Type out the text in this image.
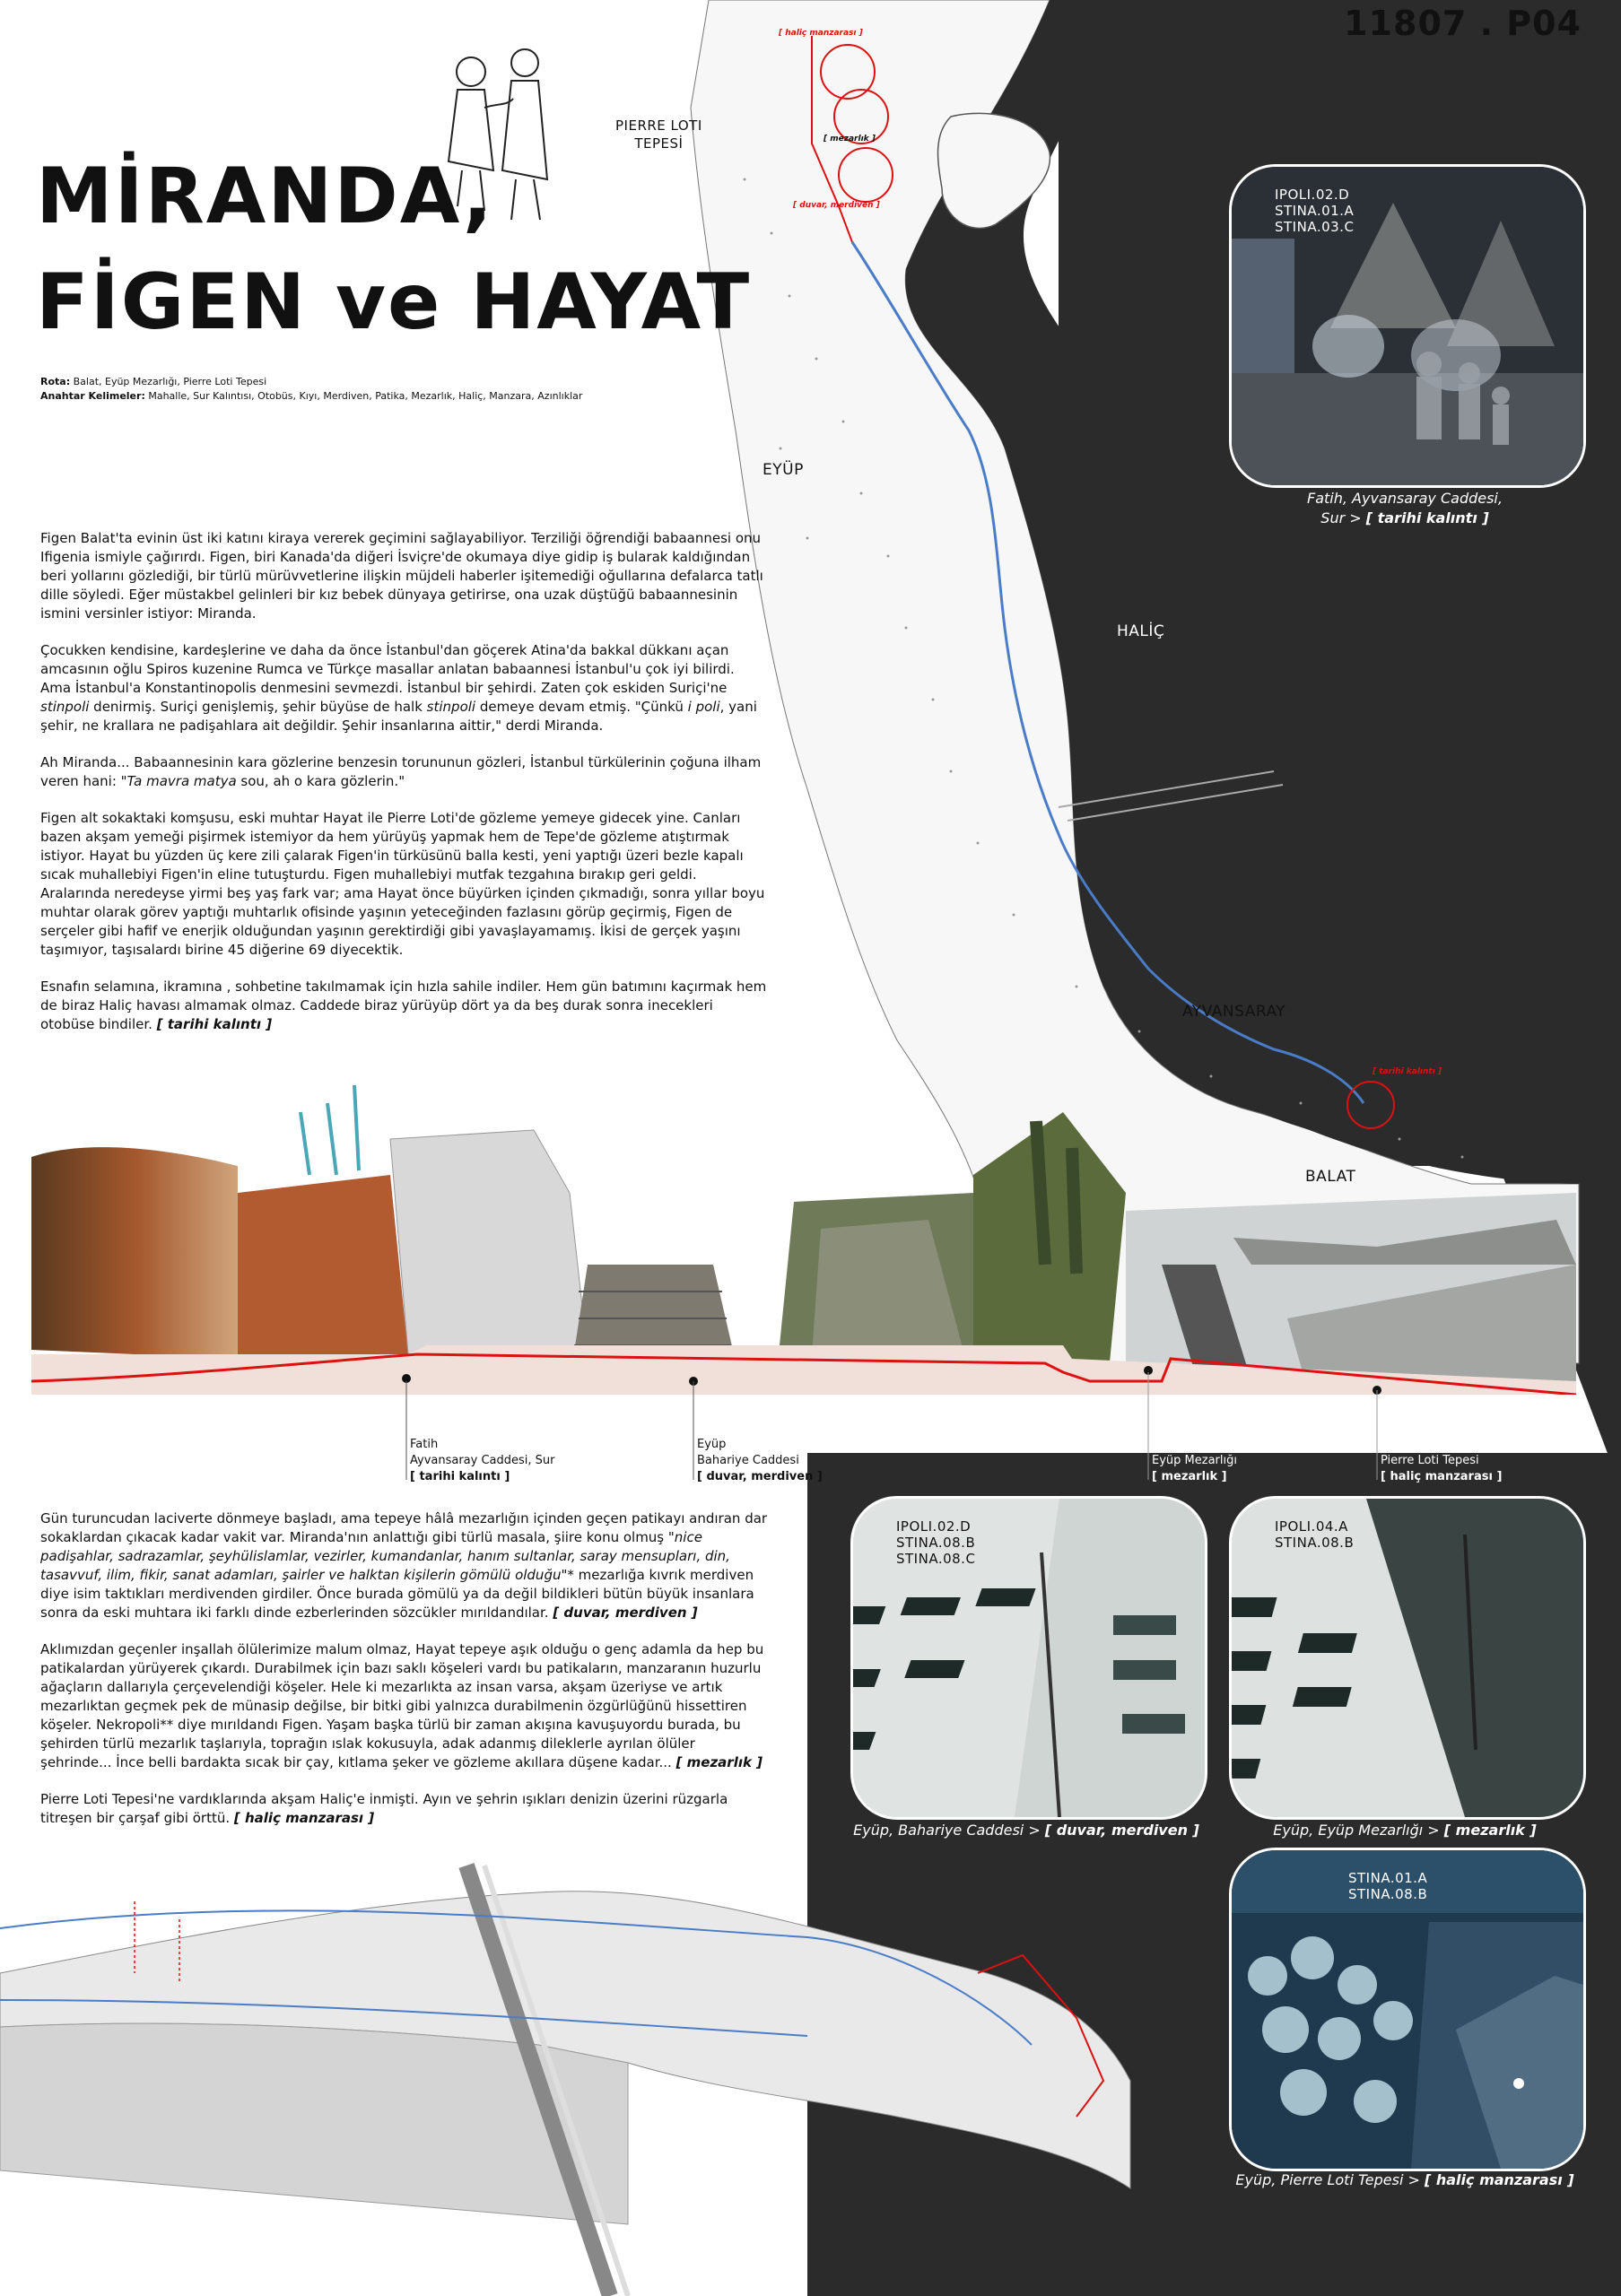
11807 . P04
MİRANDA,
FİGEN ve HAYAT
Rota: Balat, Eyüp Mezarlığı, Pierre Loti Tepesi
Anahtar Kelimeler: Mahalle, Sur Kalıntısı, Otobüs, Kıyı, Merdiven, Patika, Mezarlık, Haliç, Manzara, Azınlıklar
PIERRE LOTI
TEPESİ
EYÜP
HALİÇ
AYVANSARAY
BALAT
[ haliç manzarası ]
[ mezarlık ]
[ duvar, merdiven ]
[ tarihi kalıntı ]
IPOLI.02.D
STINA.01.A
STINA.03.C
Fatih, Ayvansaray Caddesi,
Sur > [ tarihi kalıntı ]

Figen Balat'ta evinin üst iki katını kiraya vererek geçimini sağlayabiliyor. Terziliği öğrendiği babaannesi onu Ifigenia ismiyle çağırırdı. Figen, biri Kanada'da diğeri İsviçre'de okumaya diye gidip iş bularak kaldığından beri yollarını gözlediği, bir türlü mürüvvetlerine ilişkin müjdeli haberler işitemediği oğullarına defalarca tatlı dille söyledi. Eğer müstakbel gelinleri bir kız bebek dünyaya getirirse, ona uzak düştüğü babaannesinin ismini versinler istiyor: Miranda.

Çocukken kendisine, kardeşlerine ve daha da önce İstanbul'dan göçerek Atina'da bakkal dükkanı açan amcasının oğlu Spiros kuzenine Rumca ve Türkçe masallar anlatan babaannesi İstanbul'u çok iyi bilirdi. Ama İstanbul'a Konstantinopolis denmesini sevmezdi. İstanbul bir şehirdi. Zaten çok eskiden Suriçi'ne stinpoli denirmiş. Suriçi genişlemiş, şehir büyüse de halk stinpoli demeye devam etmiş. "Çünkü i poli, yani şehir, ne krallara ne padişahlara ait değildir. Şehir insanlarına aittir," derdi Miranda.

Ah Miranda... Babaannesinin kara gözlerine benzesin torununun gözleri, İstanbul türkülerinin çoğuna ilham veren hani: "Ta mavra matya sou, ah o kara gözlerin."

Figen alt sokaktaki komşusu, eski muhtar Hayat ile Pierre Loti'de gözleme yemeye gidecek yine. Canları bazen akşam yemeği pişirmek istemiyor da hem yürüyüş yapmak hem de Tepe'de gözleme atıştırmak istiyor. Hayat bu yüzden üç kere zili çalarak Figen'in türküsünü balla kesti, yeni yaptığı üzeri bezle kapalı sıcak muhallebiyi Figen'in eline tutuşturdu. Figen muhallebiyi mutfak tezgahına bırakıp geri geldi. Aralarında neredeyse yirmi beş yaş fark var; ama Hayat önce büyürken içinden çıkmadığı, sonra yıllar boyu muhtar olarak görev yaptığı muhtarlık ofisinde yaşının yeteceğinden fazlasını görüp geçirmiş, Figen de serçeler gibi hafif ve enerjik olduğundan yaşının gerektirdiği gibi yavaşlayamamış. İkisi de gerçek yaşını taşımıyor, taşısalardı birine 45 diğerine 69 diyecektik.

Esnafın selamına, ikramına , sohbetine takılmamak için hızla sahile indiler. Hem gün batımını kaçırmak hem de biraz Haliç havası almamak olmaz. Caddede biraz yürüyüp dört ya da beş durak sonra inecekleri otobüse bindiler. [ tarihi kalıntı ]

Fatih
Ayvansaray Caddesi, Sur
[ tarihi kalıntı ]
Eyüp
Bahariye Caddesi
[ duvar, merdiven ]
Eyüp
Eyüp Mezarlığı
[ mezarlık ]
Eyüp
Pierre Loti Tepesi
[ haliç manzarası ]

Gün turuncudan laciverte dönmeye başladı, ama tepeye hâlâ mezarlığın içinden geçen patikayı andıran dar sokaklardan çıkacak kadar vakit var. Miranda'nın anlattığı gibi türlü masala, şiire konu olmuş "nice padişahlar, sadrazamlar, şeyhülislamlar, vezirler, kumandanlar, hanım sultanlar, saray mensupları, din, tasavvuf, ilim, fikir, sanat adamları, şairler ve halktan kişilerin gömülü olduğu"* mezarlığa kıvrık merdiven diye isim taktıkları merdivenden girdiler. Önce burada gömülü ya da değil bildikleri bütün büyük insanlara sonra da eski muhtara iki farklı dinde ezberlerinden sözcükler mırıldandılar. [ duvar, merdiven ]

Aklımızdan geçenler inşallah ölülerimize malum olmaz, Hayat tepeye aşık olduğu o genç adamla da hep bu patikalardan yürüyerek çıkardı. Durabilmek için bazı saklı köşeleri vardı bu patikaların, manzaranın huzurlu ağaçların dallarıyla çerçevelendiği köşeler. Hele ki mezarlıkta az insan varsa, akşam üzeriyse ve artık mezarlıktan geçmek pek de münasip değilse, bir bitki gibi yalnızca durabilmenin özgürlüğünü hissettiren köşeler. Nekropoli** diye mırıldandı Figen. Yaşam başka türlü bir zaman akışına kavuşuyordu burada, bu şehirden türlü mezarlık taşlarıyla, toprağın ıslak kokusuyla, adak adanmış dileklerle ayrılan ölüler şehrinde... İnce belli bardakta sıcak bir çay, kıtlama şeker ve gözleme akıllara düşene kadar... [ mezarlık ]

Pierre Loti Tepesi'ne vardıklarında akşam Haliç'e inmişti. Ayın ve şehrin ışıkları denizin üzerini rüzgarla titreşen bir çarşaf gibi örttü. [ haliç manzarası ]

IPOLI.02.D
STINA.08.B
STINA.08.C
Eyüp, Bahariye Caddesi > [ duvar, merdiven ]
IPOLI.04.A
STINA.08.B
Eyüp, Eyüp Mezarlığı > [ mezarlık ]
STINA.01.A
STINA.08.B
Eyüp, Pierre Loti Tepesi > [ haliç manzarası ]
